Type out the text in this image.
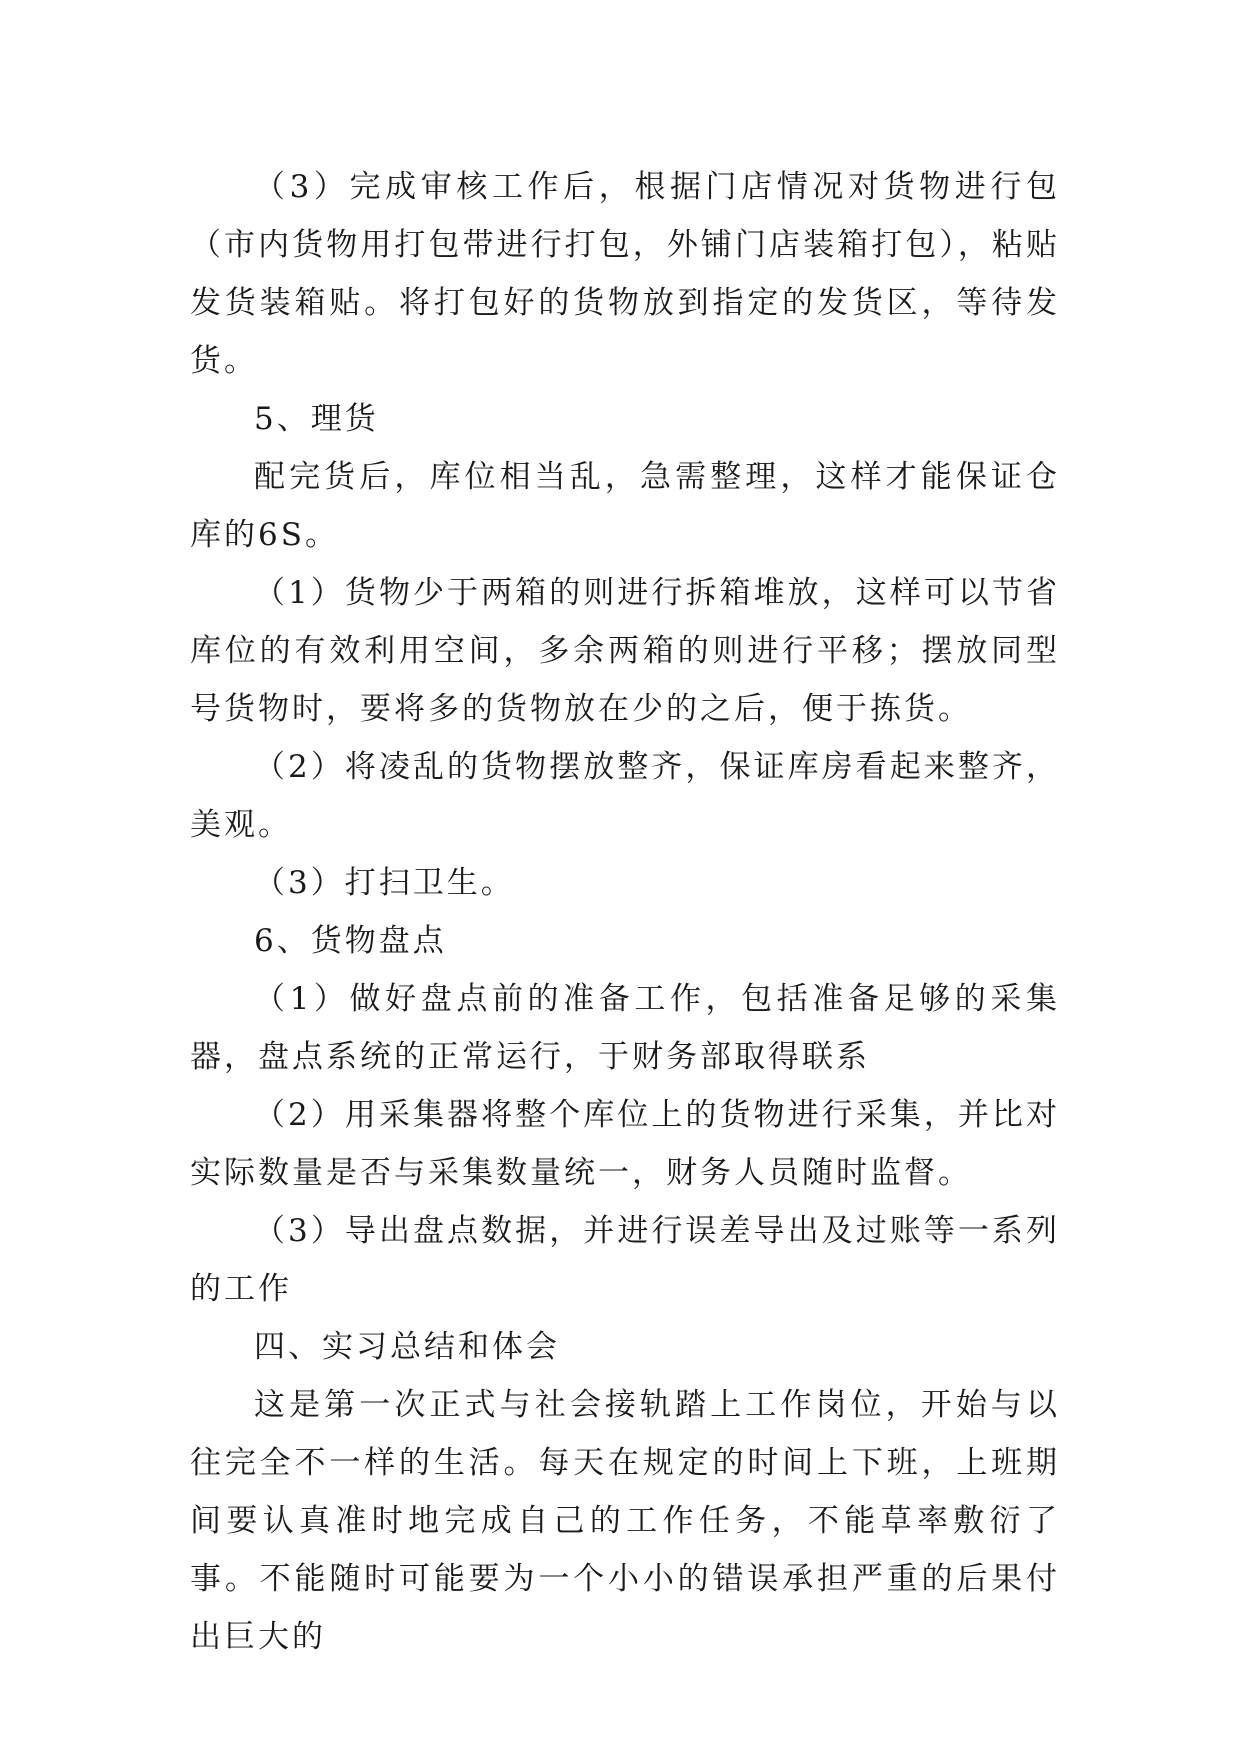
（3）完成审核工作后，根据门店情况对货物进行包（市内货物用打包带进行打包，外铺门店装箱打包），粘贴发货装箱贴。将打包好的货物放到指定的发货区，等待发货。

5、理货

配完货后，库位相当乱，急需整理，这样才能保证仓库的6S。

（1）货物少于两箱的则进行拆箱堆放，这样可以节省库位的有效利用空间，多余两箱的则进行平移；摆放同型号货物时，要将多的货物放在少的之后，便于拣货。

（2）将凌乱的货物摆放整齐，保证库房看起来整齐，美观。

（3）打扫卫生。

6、货物盘点

（1）做好盘点前的准备工作，包括准备足够的采集器，盘点系统的正常运行，于财务部取得联系

（2）用采集器将整个库位上的货物进行采集，并比对实际数量是否与采集数量统一，财务人员随时监督。

（3）导出盘点数据，并进行误差导出及过账等一系列的工作

四、实习总结和体会

这是第一次正式与社会接轨踏上工作岗位，开始与以往完全不一样的生活。每天在规定的时间上下班，上班期间要认真准时地完成自己的工作任务，不能草率敷衍了事。不能随时可能要为一个小小的错误承担严重的后果付出巨大的
